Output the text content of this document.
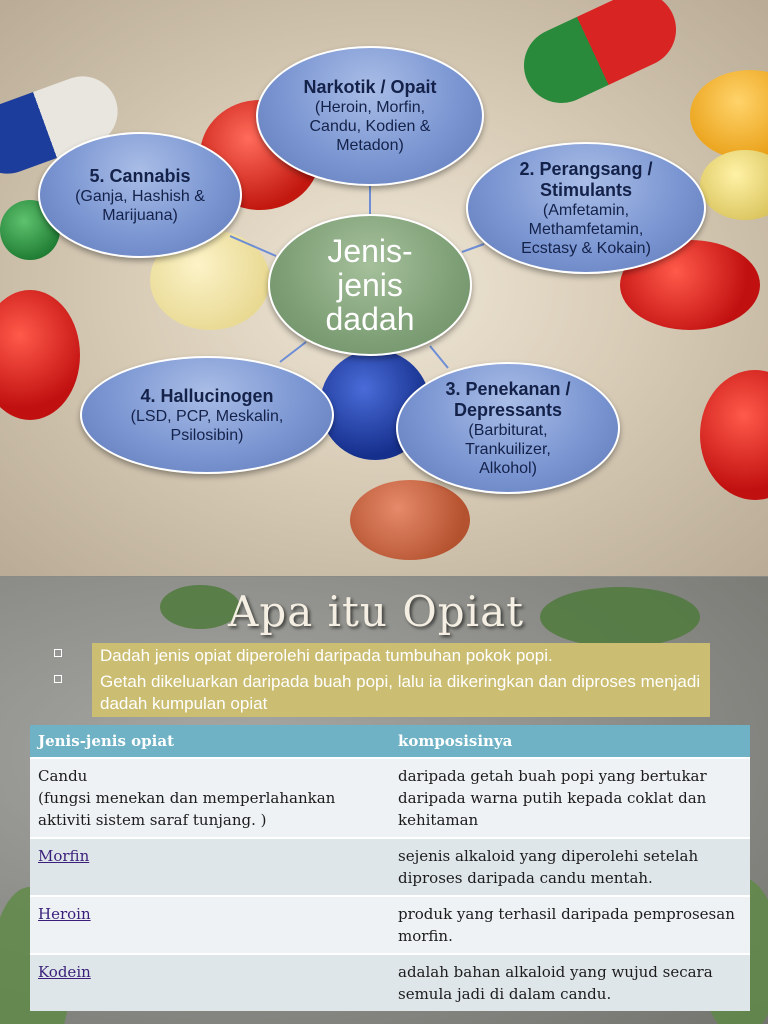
Narkotik / Opait
(Heroin, Morfin, Candu, Kodien & Metadon)
2. Perangsang / Stimulants
(Amfetamin, Methamfetamin, Ecstasy & Kokain)
5. Cannabis
(Ganja, Hashish & Marijuana)
Jenis-
jenis
dadah
4. Hallucinogen
(LSD, PCP, Meskalin, Psilosibin)
3. Penekanan / Depressants
(Barbiturat, Trankuilizer, Alkohol)
Apa itu Opiat
Dadah jenis opiat diperolehi daripada tumbuhan pokok popi.
Getah dikeluarkan daripada buah popi, lalu ia dikeringkan dan diproses menjadi dadah kumpulan opiat
Jenis-jenis opiat	komposisinya
Candu
(fungsi menekan dan memperlahankan aktiviti sistem saraf tunjang. )	daripada getah buah popi yang bertukar daripada warna putih kepada coklat dan kehitaman
Morfin	sejenis alkaloid yang diperolehi setelah diproses daripada candu mentah.
Heroin	produk yang terhasil daripada pemprosesan morfin.
Kodein	adalah bahan alkaloid yang wujud secara semula jadi di dalam candu.
